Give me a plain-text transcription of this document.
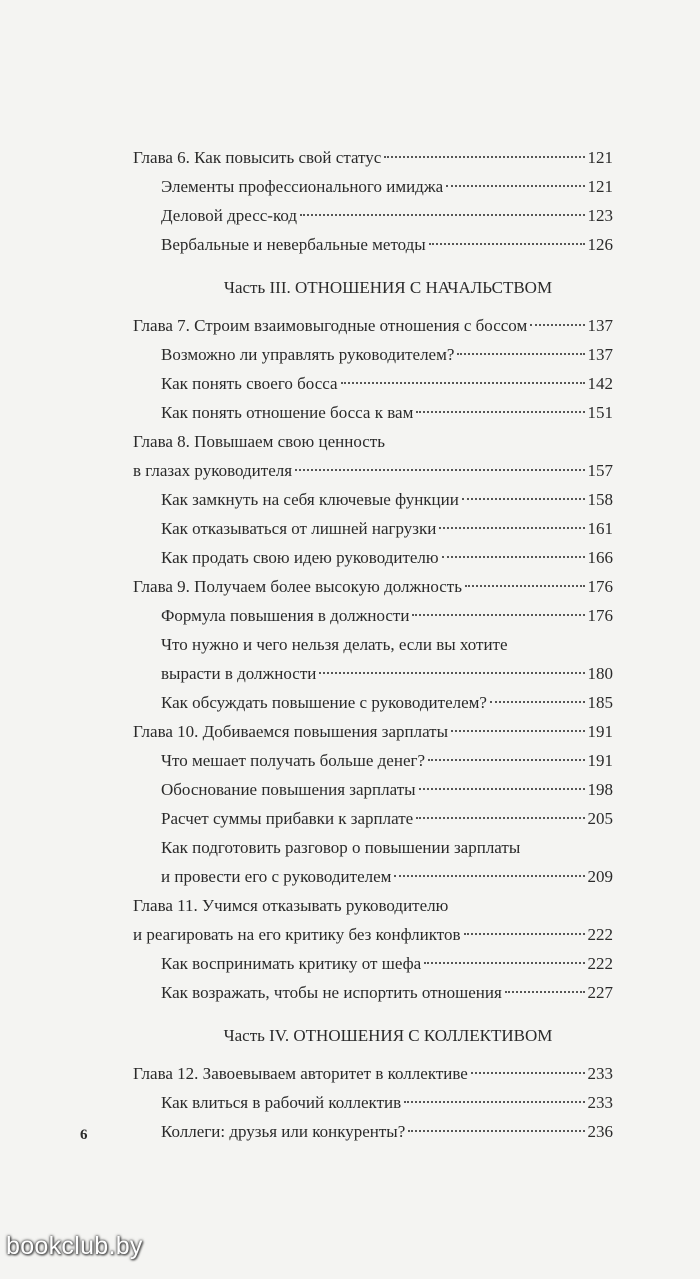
Глава 6. Как повысить свой статус	121
Элементы профессионального имиджа	121
Деловой дресс-код	123
Вербальные и невербальные методы	126
Часть III. ОТНОШЕНИЯ С НАЧАЛЬСТВОМ
Глава 7. Строим взаимовыгодные отношения с боссом	137
Возможно ли управлять руководителем?	137
Как понять своего босса	142
Как понять отношение босса к вам	151
Глава 8. Повышаем свою ценность
в глазах руководителя	157
Как замкнуть на себя ключевые функции	158
Как отказываться от лишней нагрузки	161
Как продать свою идею руководителю	166
Глава 9. Получаем более высокую должность	176
Формула повышения в должности	176
Что нужно и чего нельзя делать, если вы хотите
вырасти в должности	180
Как обсуждать повышение с руководителем?	185
Глава 10. Добиваемся повышения зарплаты	191
Что мешает получать больше денег?	191
Обоснование повышения зарплаты	198
Расчет суммы прибавки к зарплате	205
Как подготовить разговор о повышении зарплаты
и провести его с руководителем	209
Глава 11. Учимся отказывать руководителю
и реагировать на его критику без конфликтов	222
Как воспринимать критику от шефа	222
Как возражать, чтобы не испортить отношения	227
Часть IV. ОТНОШЕНИЯ С КОЛЛЕКТИВОМ
Глава 12. Завоевываем авторитет в коллективе	233
Как влиться в рабочий коллектив	233
Коллеги: друзья или конкуренты?	236
6
bookclub.by
